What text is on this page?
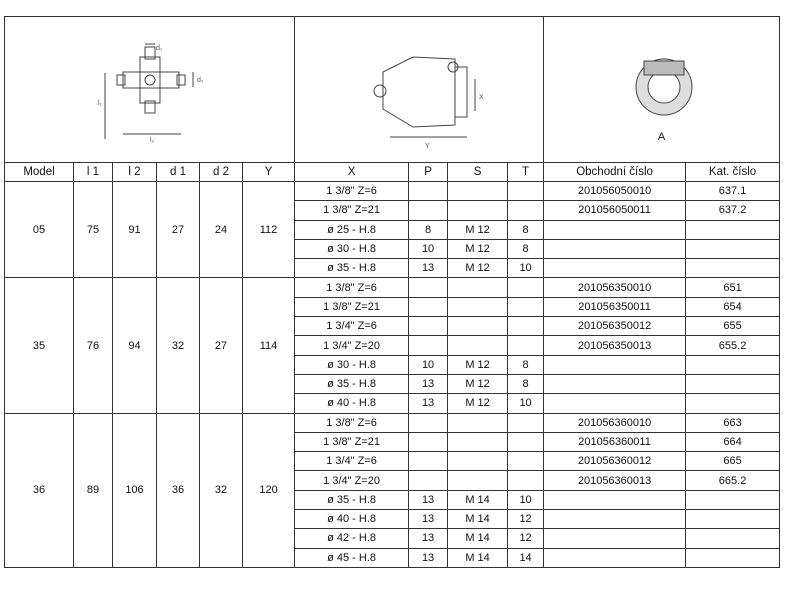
d₁
d₂
l₁
l₂						Y
X				A	

Model	l 1	l 2	d 1	d 2	Y	X	P	S	T	Obchodní číslo	Kat. číslo
05	75	91	27	24	112	1 3/8" Z=6				201056050010	637.1
						1 3/8" Z=21				201056050011	637.2
						ø 25 - H.8	8	M 12	8		
						ø 30 - H.8	10	M 12	8		
						ø 35 - H.8	13	M 12	10		
35	76	94	32	27	114	1 3/8" Z=6				201056350010	651
						1 3/8" Z=21				201056350011	654
						1 3/4" Z=6				201056350012	655
						1 3/4" Z=20				201056350013	655.2
						ø 30 - H.8	10	M 12	8		
						ø 35 - H.8	13	M 12	8		
						ø 40 - H.8	13	M 12	10		
36	89	106	36	32	120	1 3/8" Z=6				201056360010	663
						1 3/8" Z=21				201056360011	664
						1 3/4" Z=6				201056360012	665
						1 3/4" Z=20				201056360013	665.2
						ø 35 - H.8	13	M 14	10		
						ø 40 - H.8	13	M 14	12		
						ø 42 - H.8	13	M 14	12		
						ø 45 - H.8	13	M 14	14		
